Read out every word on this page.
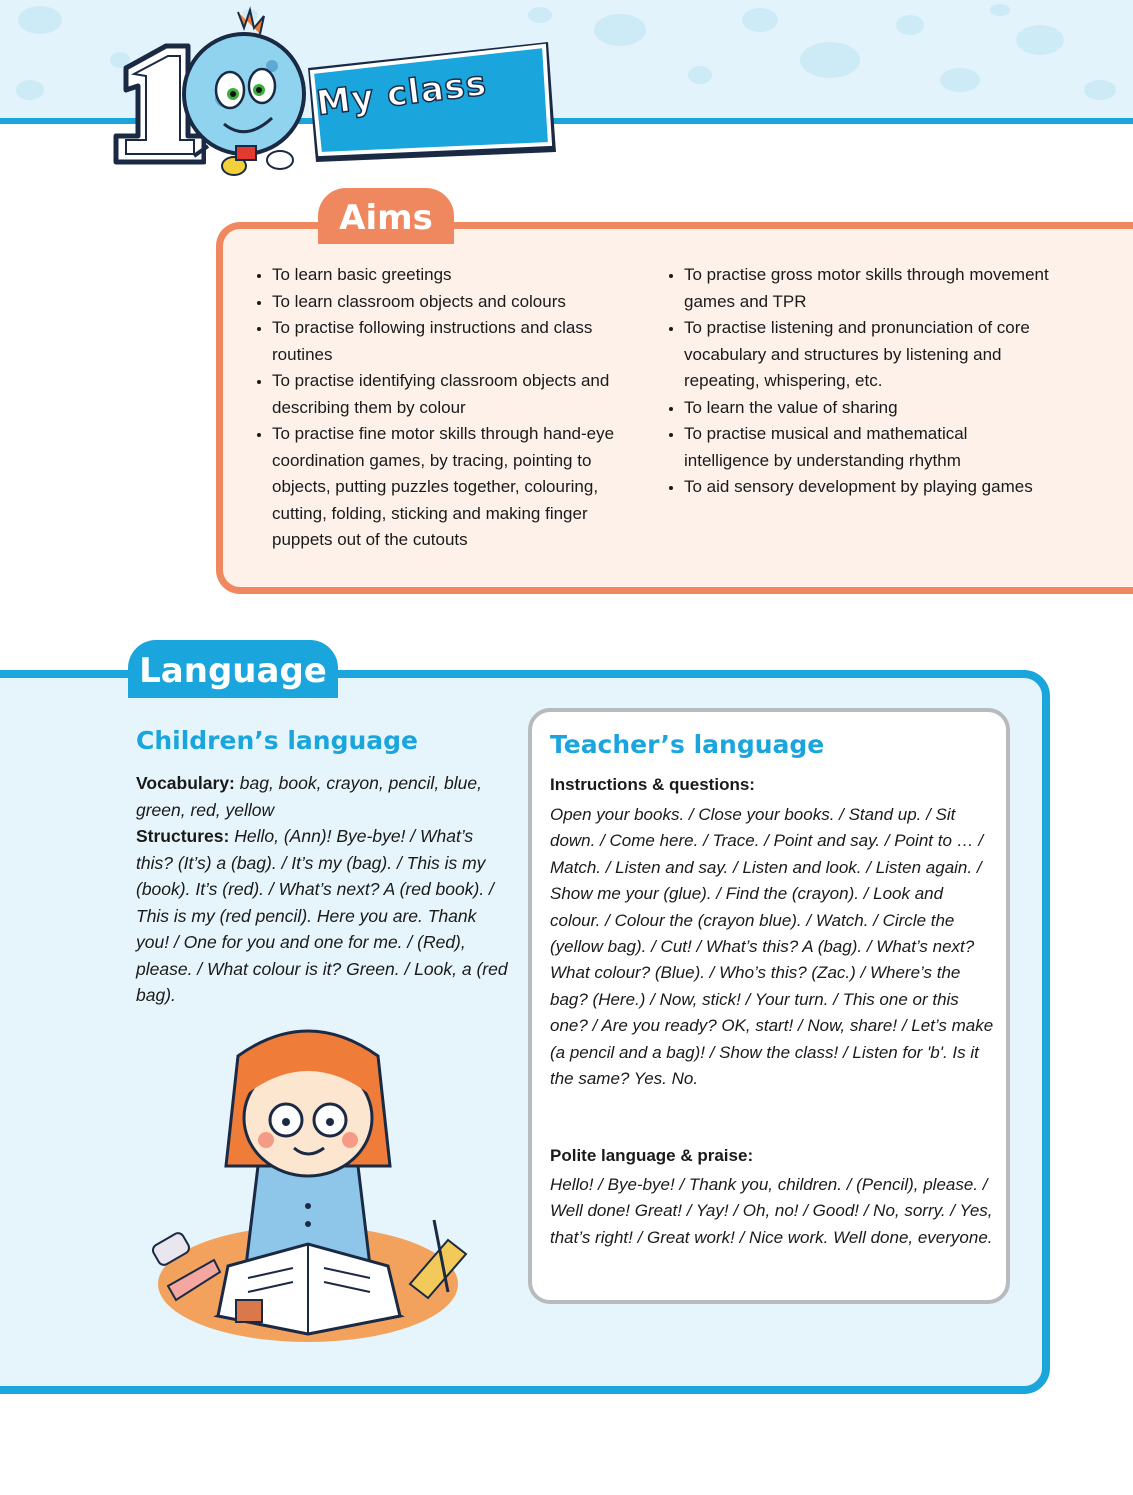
My class
Aims
• To learn basic greetings
• To learn classroom objects and colours
• To practise following instructions and class routines
• To practise identifying classroom objects and describing them by colour
• To practise fine motor skills through hand-eye coordination games, by tracing, pointing to objects, putting puzzles together, colouring, cutting, folding, sticking and making finger puppets out of the cutouts
• To practise gross motor skills through movement games and TPR
• To practise listening and pronunciation of core vocabulary and structures by listening and repeating, whispering, etc.
• To learn the value of sharing
• To practise musical and mathematical intelligence by understanding rhythm
• To aid sensory development by playing games
Language
Children’s language

Vocabulary: bag, book, crayon, pencil, blue, green, red, yellow
Structures: Hello, (Ann)! Bye-bye! / What’s this? (It’s) a (bag). / It’s my (bag). / This is my (book). It’s (red). / What’s next? A (red book). / This is my (red pencil). Here you are. Thank you! / One for you and one for me. / (Red), please. / What colour is it? Green. / Look, a (red bag).

Teacher’s language

Instructions & questions:

Open your books. / Close your books. / Stand up. / Sit down. / Come here. / Trace. / Point and say. / Point to … / Match. / Listen and say. / Listen and look. / Listen again. / Show me your (glue). / Find the (crayon). / Look and colour. / Colour the (crayon blue). / Watch. / Circle the (yellow bag). / Cut! / What’s this? A (bag). / What’s next? What colour? (Blue). / Who’s this? (Zac.) / Where’s the bag? (Here.) / Now, stick! / Your turn. / This one or this one? / Are you ready? OK, start! / Now, share! / Let’s make (a pencil and a bag)! / Show the class! / Listen for 'b'. Is it the same? Yes. No.

Polite language & praise:

Hello! / Bye-bye! / Thank you, children. / (Pencil), please. / Well done! Great! / Yay! / Oh, no! / Good! / No, sorry. / Yes, that’s right! / Great work! / Nice work. Well done, everyone.
